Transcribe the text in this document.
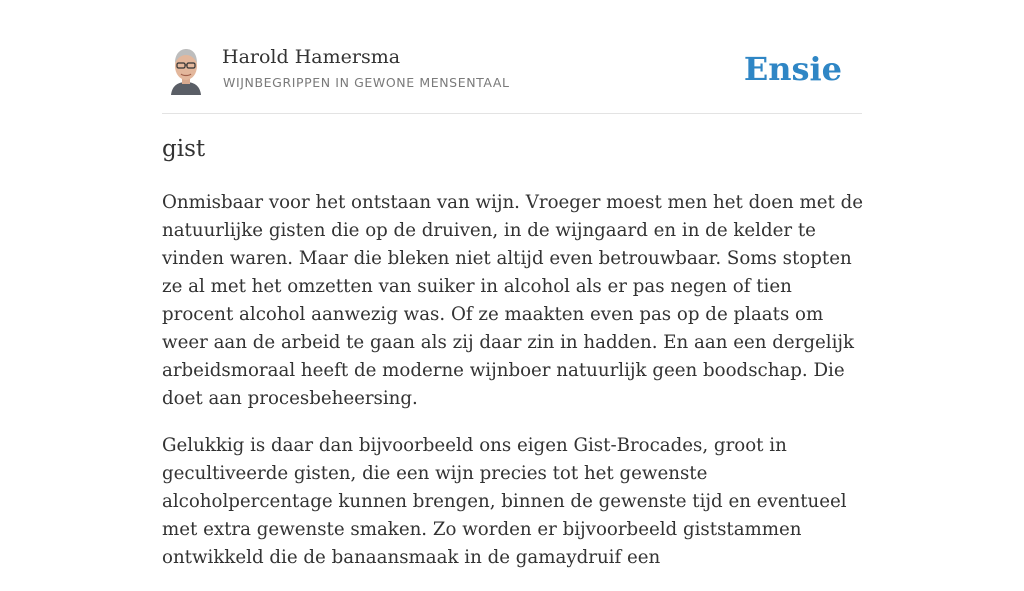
Harold Hamersma
WIJNBEGRIPPEN IN GEWONE MENSENTAAL	Ensie
gist

Onmisbaar voor het ontstaan van wijn. Vroeger moest men het doen met de natuurlijke gisten die op de druiven, in de wijngaard en in de kelder te vinden waren. Maar die bleken niet altijd even betrouwbaar. Soms stopten ze al met het omzetten van suiker in alcohol als er pas negen of tien procent alcohol aanwezig was. Of ze maakten even pas op de plaats om weer aan de arbeid te gaan als zij daar zin in hadden. En aan een dergelijk arbeidsmoraal heeft de moderne wijnboer natuurlijk geen boodschap. Die doet aan procesbeheersing.

Gelukkig is daar dan bijvoorbeeld ons eigen Gist-Brocades, groot in gecultiveerde gisten, die een wijn precies tot het gewenste alcoholpercentage kunnen brengen, binnen de gewenste tijd en eventueel met extra gewenste smaken. Zo worden er bijvoorbeeld giststammen ontwikkeld die de banaansmaak in de gamaydruif een
